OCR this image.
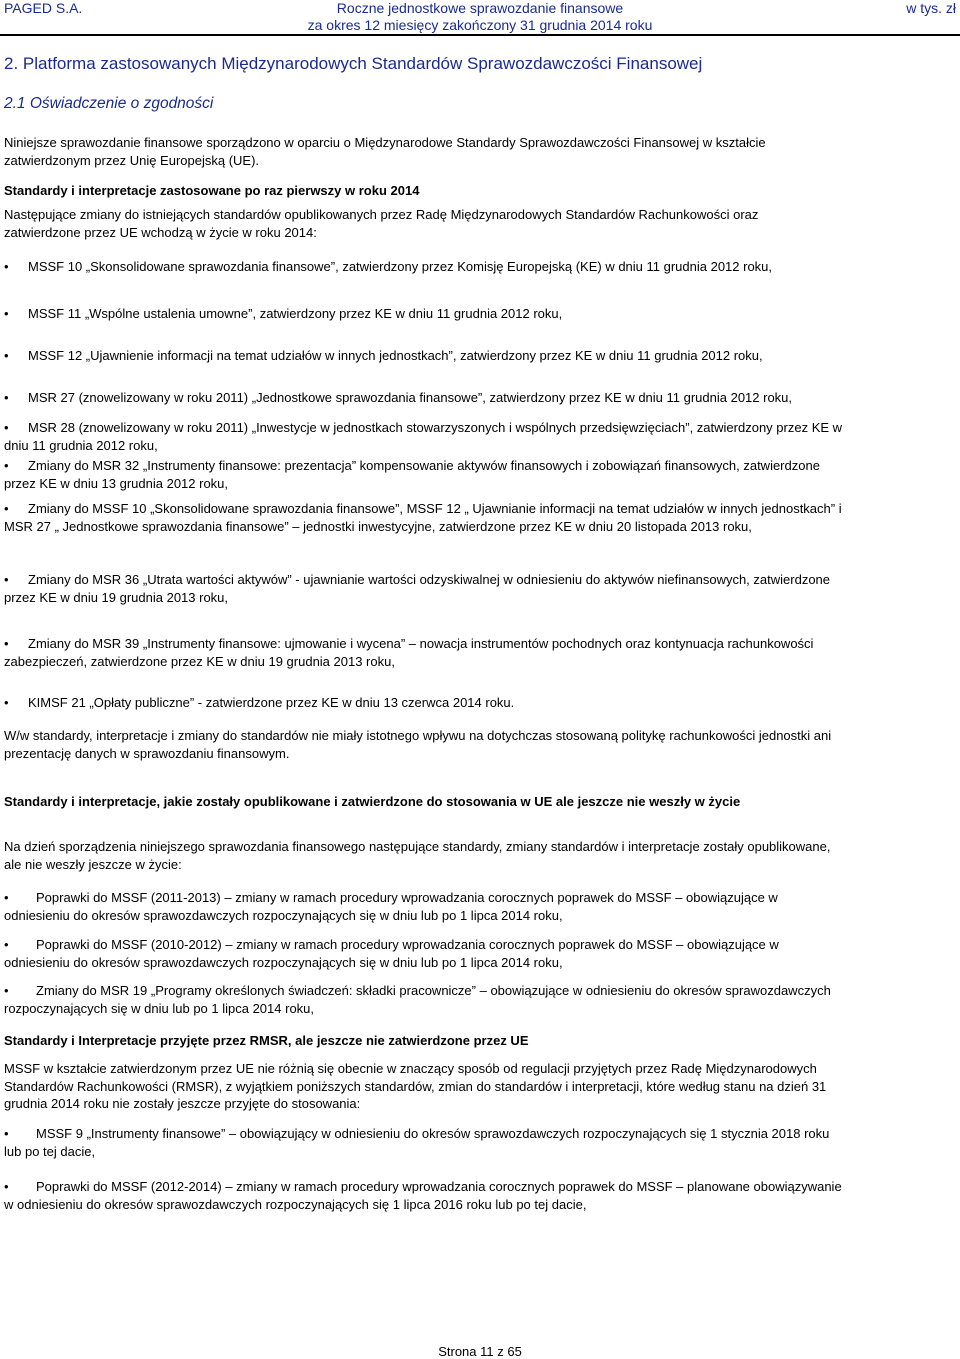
PAGED S.A.	Roczne jednostkowe sprawozdanie finansowe
za okres 12 miesięcy zakończony 31 grudnia 2014 roku
w tys. zł
2. Platforma zastosowanych Międzynarodowych Standardów Sprawozdawczości Finansowej
2.1 Oświadczenie o zgodności

Niniejsze sprawozdanie finansowe sporządzono w oparciu o Międzynarodowe Standardy Sprawozdawczości Finansowej w kształcie zatwierdzonym przez Unię Europejską (UE).

Standardy i interpretacje zastosowane po raz pierwszy w roku 2014

Następujące zmiany do istniejących standardów opublikowanych przez Radę Międzynarodowych Standardów Rachunkowości oraz zatwierdzone przez UE wchodzą w życie w roku 2014:

• MSSF 10 „Skonsolidowane sprawozdania finansowe”, zatwierdzony przez Komisję Europejską (KE) w dniu 11 grudnia 2012 roku,
• MSSF 11 „Wspólne ustalenia umowne”, zatwierdzony przez KE w dniu 11 grudnia 2012 roku,
• MSSF 12 „Ujawnienie informacji na temat udziałów w innych jednostkach”, zatwierdzony przez KE w dniu 11 grudnia 2012 roku,
• MSR 27 (znowelizowany w roku 2011) „Jednostkowe sprawozdania finansowe”, zatwierdzony przez KE w dniu 11 grudnia 2012 roku,
• MSR 28 (znowelizowany w roku 2011) „Inwestycje w jednostkach stowarzyszonych i wspólnych przedsięwzięciach”, zatwierdzony przez KE w dniu 11 grudnia 2012 roku,
• Zmiany do MSR 32 „Instrumenty finansowe: prezentacja” kompensowanie aktywów finansowych i zobowiązań finansowych, zatwierdzone przez KE w dniu 13 grudnia 2012 roku,
• Zmiany do MSSF 10 „Skonsolidowane sprawozdania finansowe”, MSSF 12 „ Ujawnianie informacji na temat udziałów w innych jednostkach” i MSR 27 „ Jednostkowe sprawozdania finansowe” – jednostki inwestycyjne, zatwierdzone przez KE w dniu 20 listopada 2013 roku,
• Zmiany do MSR 36 „Utrata wartości aktywów” - ujawnianie wartości odzyskiwalnej w odniesieniu do aktywów niefinansowych, zatwierdzone przez KE w dniu 19 grudnia 2013 roku,
• Zmiany do MSR 39 „Instrumenty finansowe: ujmowanie i wycena” – nowacja instrumentów pochodnych oraz kontynuacja rachunkowości zabezpieczeń, zatwierdzone przez KE w dniu 19 grudnia 2013 roku,
• KIMSF 21 „Opłaty publiczne” - zatwierdzone przez KE w dniu 13 czerwca 2014 roku.

W/w standardy, interpretacje i zmiany do standardów nie miały istotnego wpływu na dotychczas stosowaną politykę rachunkowości jednostki ani prezentację danych w sprawozdaniu finansowym.

Standardy i interpretacje, jakie zostały opublikowane i zatwierdzone do stosowania w UE ale jeszcze nie weszły w życie

Na dzień sporządzenia niniejszego sprawozdania finansowego następujące standardy, zmiany standardów i interpretacje zostały opublikowane, ale nie weszły jeszcze w życie:

• Poprawki do MSSF (2011-2013) – zmiany w ramach procedury wprowadzania corocznych poprawek do MSSF – obowiązujące w odniesieniu do okresów sprawozdawczych rozpoczynających się w dniu lub po 1 lipca 2014 roku,
• Poprawki do MSSF (2010-2012) – zmiany w ramach procedury wprowadzania corocznych poprawek do MSSF – obowiązujące w odniesieniu do okresów sprawozdawczych rozpoczynających się w dniu lub po 1 lipca 2014 roku,
• Zmiany do MSR 19 „Programy określonych świadczeń: składki pracownicze” – obowiązujące w odniesieniu do okresów sprawozdawczych rozpoczynających się w dniu lub po 1 lipca 2014 roku,
Standardy i Interpretacje przyjęte przez RMSR, ale jeszcze nie zatwierdzone przez UE

MSSF w kształcie zatwierdzonym przez UE nie różnią się obecnie w znaczący sposób od regulacji przyjętych przez Radę Międzynarodowych Standardów Rachunkowości (RMSR), z wyjątkiem poniższych standardów, zmian do standardów i interpretacji, które według stanu na dzień 31 grudnia 2014 roku nie zostały jeszcze przyjęte do stosowania:

• MSSF 9 „Instrumenty finansowe” – obowiązujący w odniesieniu do okresów sprawozdawczych rozpoczynających się 1 stycznia 2018 roku lub po tej dacie,
• Poprawki do MSSF (2012-2014) – zmiany w ramach procedury wprowadzania corocznych poprawek do MSSF – planowane obowiązywanie w odniesieniu do okresów sprawozdawczych rozpoczynających się 1 lipca 2016 roku lub po tej dacie,
Strona 11 z 65
